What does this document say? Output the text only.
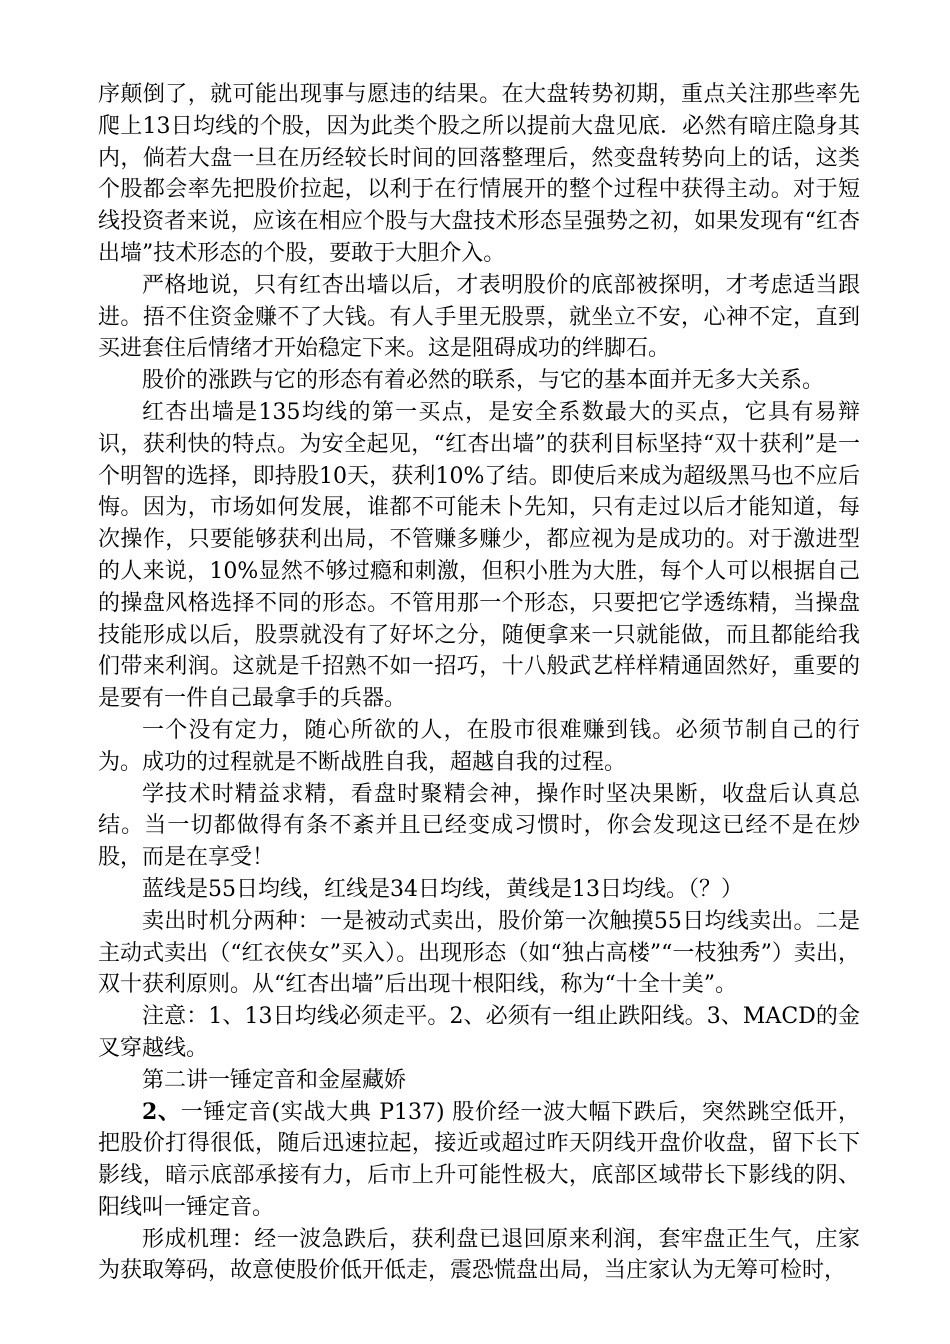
序颠倒了，就可能出现事与愿违的结果。在大盘转势初期，重点关注那些率先爬上13日均线的个股，因为此类个股之所以提前大盘见底．必然有暗庄隐身其内，倘若大盘一旦在历经较长时间的回落整理后，然变盘转势向上的话，这类个股都会率先把股价拉起，以利于在行情展开的整个过程中获得主动。对于短线投资者来说，应该在相应个股与大盘技术形态呈强势之初，如果发现有“红杏出墙”技术形态的个股，要敢于大胆介入。

严格地说，只有红杏出墙以后，才表明股价的底部被探明，才考虑适当跟进。捂不住资金赚不了大钱。有人手里无股票，就坐立不安，心神不定，直到买进套住后情绪才开始稳定下来。这是阻碍成功的绊脚石。

股价的涨跌与它的形态有着必然的联系，与它的基本面并无多大关系。

红杏出墙是135均线的第一买点，是安全系数最大的买点，它具有易辩识，获利快的特点。为安全起见，“红杏出墙”的获利目标坚持“双十获利”是一个明智的选择，即持股10天，获利10%了结。即使后来成为超级黑马也不应后悔。因为，市场如何发展，谁都不可能未卜先知，只有走过以后才能知道，每次操作，只要能够获利出局，不管赚多赚少，都应视为是成功的。对于激进型的人来说，10%显然不够过瘾和刺激，但积小胜为大胜，每个人可以根据自己的操盘风格选择不同的形态。不管用那一个形态，只要把它学透练精，当操盘技能形成以后，股票就没有了好坏之分，随便拿来一只就能做，而且都能给我们带来利润。这就是千招熟不如一招巧，十八般武艺样样精通固然好，重要的是要有一件自己最拿手的兵器。

一个没有定力，随心所欲的人，在股市很难赚到钱。必须节制自己的行为。成功的过程就是不断战胜自我，超越自我的过程。

学技术时精益求精，看盘时聚精会神，操作时坚决果断，收盘后认真总结。当一切都做得有条不紊并且已经变成习惯时，你会发现这已经不是在炒股，而是在享受！

蓝线是55日均线，红线是34日均线，黄线是13日均线。（？）

卖出时机分两种：一是被动式卖出，股价第一次触摸55日均线卖出。二是主动式卖出（“红衣侠女”买入）。出现形态（如“独占高楼”“一枝独秀”）卖出，双十获利原则。从“红杏出墙”后出现十根阳线，称为“十全十美”。

注意：1、13日均线必须走平。2、必须有一组止跌阳线。3、MACD的金叉穿越线。

第二讲一锤定音和金屋藏娇

2、一锤定音(实战大典 P137) 股价经一波大幅下跌后，突然跳空低开，把股价打得很低，随后迅速拉起，接近或超过昨天阴线开盘价收盘，留下长下影线，暗示底部承接有力，后市上升可能性极大，底部区域带长下影线的阴、阳线叫一锤定音。

形成机理：经一波急跌后，获利盘已退回原来利润，套牢盘正生气，庄家为获取筹码，故意使股价低开低走，震恐慌盘出局，当庄家认为无筹可检时，
